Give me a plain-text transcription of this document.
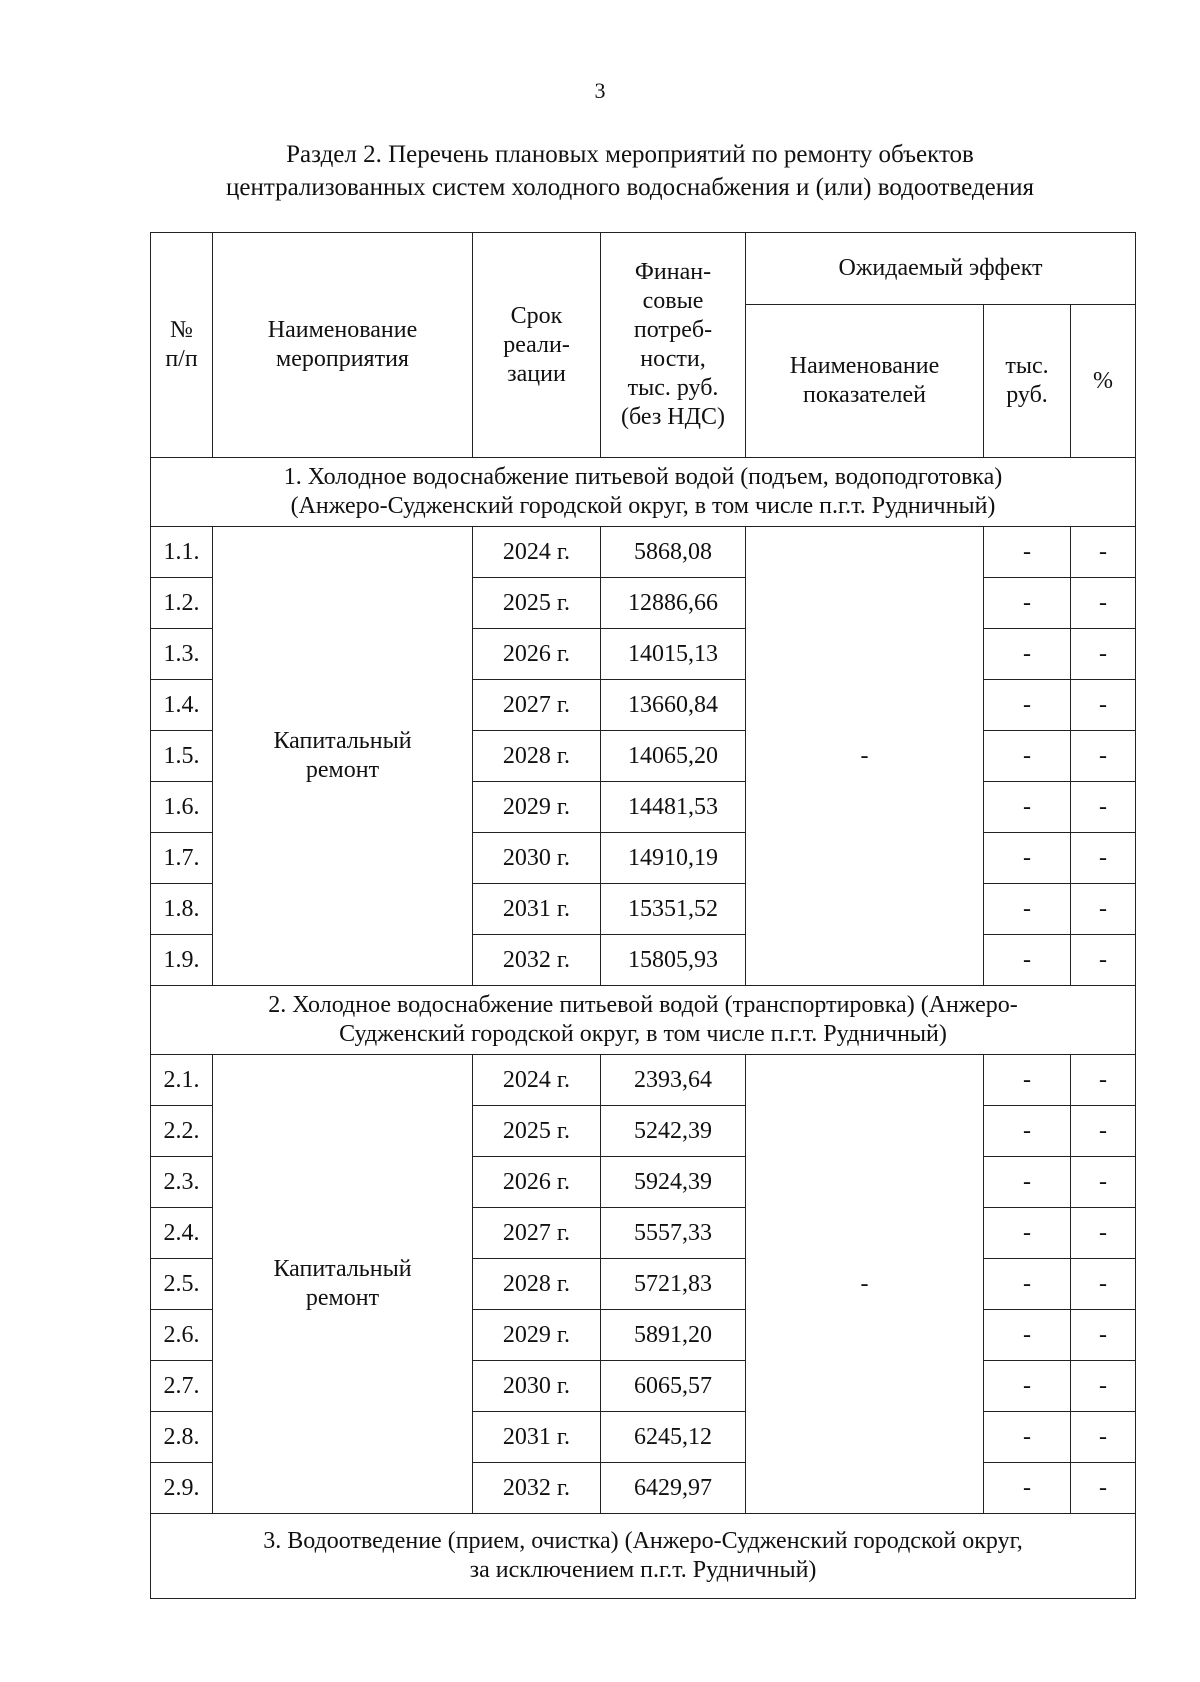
3
Раздел 2. Перечень плановых мероприятий по ремонту объектов
централизованных систем холодного водоснабжения и (или) водоотведения
№ п/п	Наименование мероприятия	Срок реали-зации	Финан-совые потреб-ности, тыс. руб. (без НДС)	Ожидаемый эффект		

				Наименование показателей	тыс. руб.	%

1. Холодное водоснабжение питьевой водой (подъем, водоподготовка)
(Анжеро-Судженский городской округ, в том числе п.г.т. Рудничный)						

1.1.	Капитальный ремонт	2024 г.	5868,08	-	-	-
1.2.		2025 г.	12886,66		-	-
1.3.		2026 г.	14015,13		-	-
1.4.		2027 г.	13660,84		-	-
1.5.		2028 г.	14065,20		-	-
1.6.		2029 г.	14481,53		-	-
1.7.		2030 г.	14910,19		-	-
1.8.		2031 г.	15351,52		-	-
1.9.		2032 г.	15805,93		-	-

2. Холодное водоснабжение питьевой водой (транспортировка) (Анжеро-
Судженский городской округ, в том числе п.г.т. Рудничный)						

2.1.	Капитальный ремонт	2024 г.	2393,64	-	-	-
2.2.		2025 г.	5242,39		-	-
2.3.		2026 г.	5924,39		-	-
2.4.		2027 г.	5557,33		-	-
2.5.		2028 г.	5721,83		-	-
2.6.		2029 г.	5891,20		-	-
2.7.		2030 г.	6065,57		-	-
2.8.		2031 г.	6245,12		-	-
2.9.		2032 г.	6429,97		-	-

3. Водоотведение (прием, очистка) (Анжеро-Судженский городской округ,
за исключением п.г.т. Рудничный)						
